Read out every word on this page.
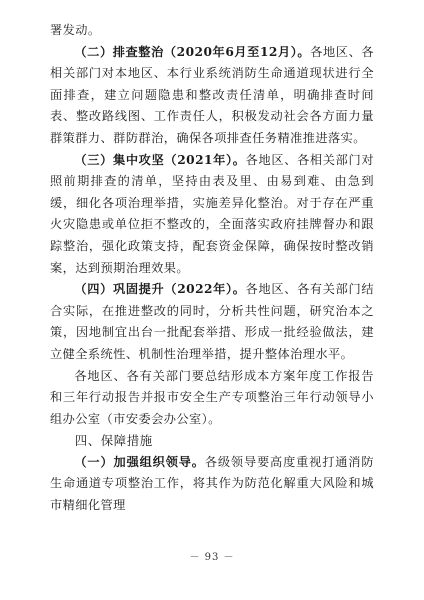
署发动。

（二）排查整治（2020年6月至12月）。各地区、各相关部门对本地区、本行业系统消防生命通道现状进行全面排查，建立问题隐患和整改责任清单，明确排查时间表、整改路线图、工作责任人，积极发动社会各方面力量群策群力、群防群治，确保各项排查任务精准推进落实。

（三）集中攻坚（2021年）。各地区、各相关部门对照前期排查的清单，坚持由表及里、由易到难、由急到缓，细化各项治理举措，实施差异化整治。对于存在严重火灾隐患或单位拒不整改的，全面落实政府挂牌督办和跟踪整治，强化政策支持，配套资金保障，确保按时整改销案，达到预期治理效果。

（四）巩固提升（2022年）。各地区、各有关部门结合实际，在推进整改的同时，分析共性问题，研究治本之策，因地制宜出台一批配套举措、形成一批经验做法，建立健全系统性、机制性治理举措，提升整体治理水平。

各地区、各有关部门要总结形成本方案年度工作报告和三年行动报告并报市安全生产专项整治三年行动领导小组办公室（市安委会办公室）。

四、保障措施

（一）加强组织领导。各级领导要高度重视打通消防生命通道专项整治工作，将其作为防范化解重大风险和城市精细化管理

－ 93 －
